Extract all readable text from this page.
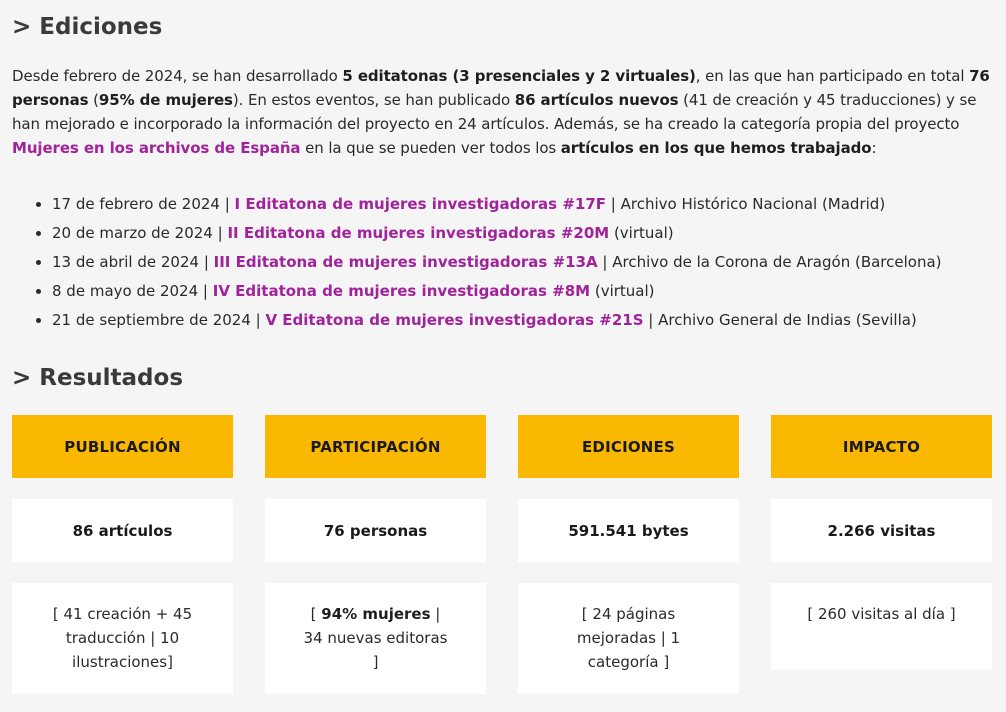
> Ediciones

Desde febrero de 2024, se han desarrollado 5 editatonas (3 presenciales y 2 virtuales), en las que han participado en total 76 personas (95% de mujeres). En estos eventos, se han publicado 86 artículos nuevos (41 de creación y 45 traducciones) y se han mejorado e incorporado la información del proyecto en 24 artículos. Además, se ha creado la categoría propia del proyecto Mujeres en los archivos de España en la que se pueden ver todos los artículos en los que hemos trabajado:

17 de febrero de 2024 | I Editatona de mujeres investigadoras #17F | Archivo Histórico Nacional (Madrid)
20 de marzo de 2024 | II Editatona de mujeres investigadoras #20M (virtual)
13 de abril de 2024 | III Editatona de mujeres investigadoras #13A | Archivo de la Corona de Aragón (Barcelona)
8 de mayo de 2024 | IV Editatona de mujeres investigadoras #8M (virtual)
21 de septiembre de 2024 | V Editatona de mujeres investigadoras #21S | Archivo General de Indias (Sevilla)
> Resultados
PUBLICACIÓN
86 artículos
[ 41 creación + 45 traducción | 10 ilustraciones]
PARTICIPACIÓN
76 personas
[ 94% mujeres | 34 nuevas editoras ]
EDICIONES
591.541 bytes
[ 24 páginas mejoradas | 1 categoría ]
IMPACTO
2.266 visitas
[ 260 visitas al día ]
